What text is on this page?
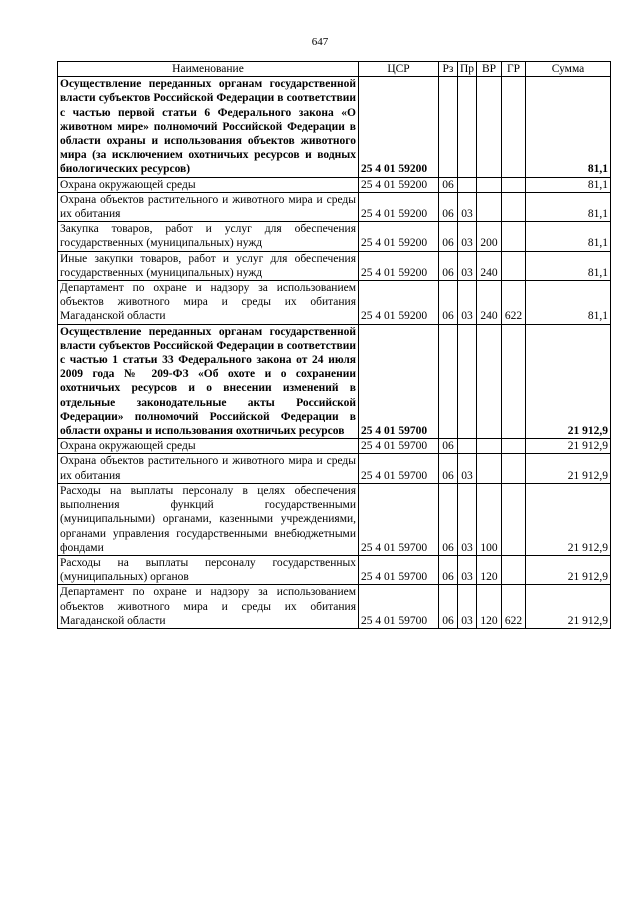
647
Наименование	ЦСР	Рз	Пр	ВР	ГР	Сумма
Осуществление переданных органам государственной власти субъектов Российской Федерации в соответствии с частью первой статьи 6 Федерального закона «О животном мире» полномочий Российской Федерации в области охраны и использования объектов животного мира (за исключением охотничьих ресурсов и водных биологических ресурсов)	25 4 01 59200					81,1
Охрана окружающей среды	25 4 01 59200	06				81,1
Охрана объектов растительного и животного мира и среды их обитания	25 4 01 59200	06	03			81,1
Закупка товаров, работ и услуг для обеспечения государственных (муниципальных) нужд	25 4 01 59200	06	03	200		81,1
Иные закупки товаров, работ и услуг для обеспечения государственных (муниципальных) нужд	25 4 01 59200	06	03	240		81,1
Департамент по охране и надзору за использованием объектов животного мира и среды их обитания Магаданской области	25 4 01 59200	06	03	240	622	81,1
Осуществление переданных органам государственной власти субъектов Российской Федерации в соответствии с частью 1 статьи 33 Федерального закона от 24 июля 2009 года № 209-ФЗ «Об охоте и о сохранении охотничьих ресурсов и о внесении изменений в отдельные законодательные акты Российской Федерации» полномочий Российской Федерации в области охраны и использования охотничьих ресурсов	25 4 01 59700					21 912,9
Охрана окружающей среды	25 4 01 59700	06				21 912,9
Охрана объектов растительного и животного мира и среды их обитания	25 4 01 59700	06	03			21 912,9
Расходы на выплаты персоналу в целях обеспечения выполнения функций государственными (муниципальными) органами, казенными учреждениями, органами управления государственными внебюджетными фондами	25 4 01 59700	06	03	100		21 912,9
Расходы на выплаты персоналу государственных (муниципальных) органов	25 4 01 59700	06	03	120		21 912,9
Департамент по охране и надзору за использованием объектов животного мира и среды их обитания Магаданской области	25 4 01 59700	06	03	120	622	21 912,9
